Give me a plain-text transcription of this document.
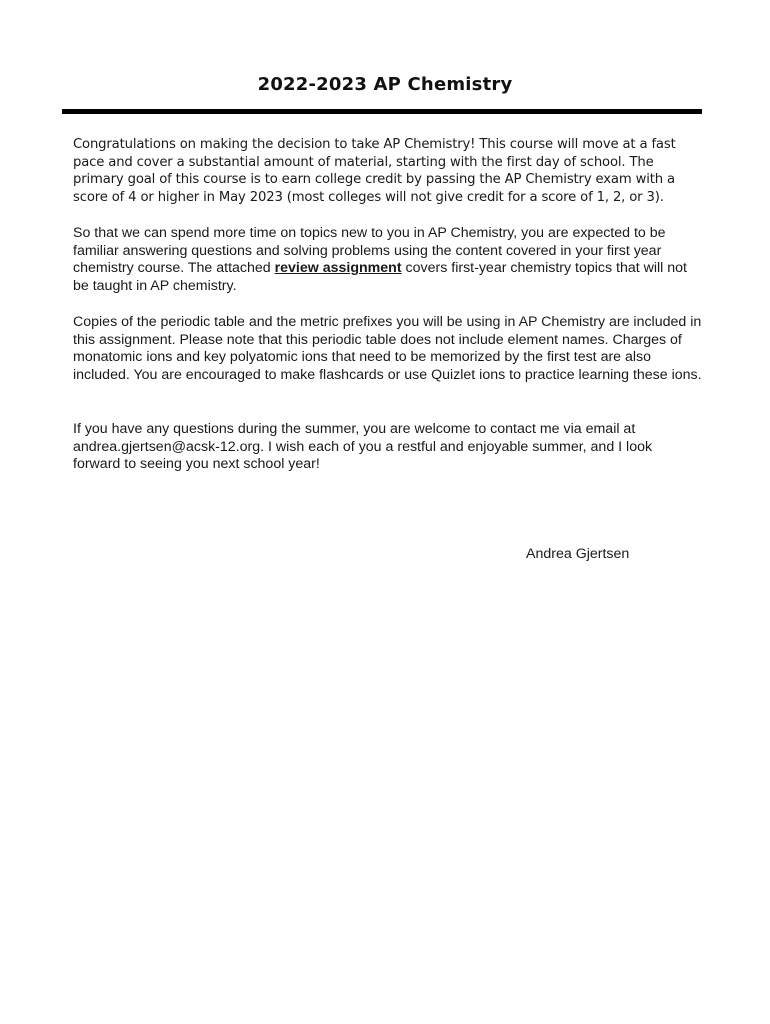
2022-2023 AP Chemistry

Congratulations on making the decision to take AP Chemistry! This course will move at a fast pace and cover a substantial amount of material, starting with the first day of school. The primary goal of this course is to earn college credit by passing the AP Chemistry exam with a score of 4 or higher in May 2023 (most colleges will not give credit for a score of 1, 2, or 3).

So that we can spend more time on topics new to you in AP Chemistry, you are expected to be familiar answering questions and solving problems using the content covered in your first year chemistry course. The attached review assignment covers first-year chemistry topics that will not be taught in AP chemistry.

Copies of the periodic table and the metric prefixes you will be using in AP Chemistry are included in this assignment. Please note that this periodic table does not include element names. Charges of monatomic ions and key polyatomic ions that need to be memorized by the first test are also included. You are encouraged to make flashcards or use Quizlet ions to practice learning these ions.

If you have any questions during the summer, you are welcome to contact me via email at andrea.gjertsen@acsk-12.org. I wish each of you a restful and enjoyable summer, and I look forward to seeing you next school year!

Andrea Gjertsen
